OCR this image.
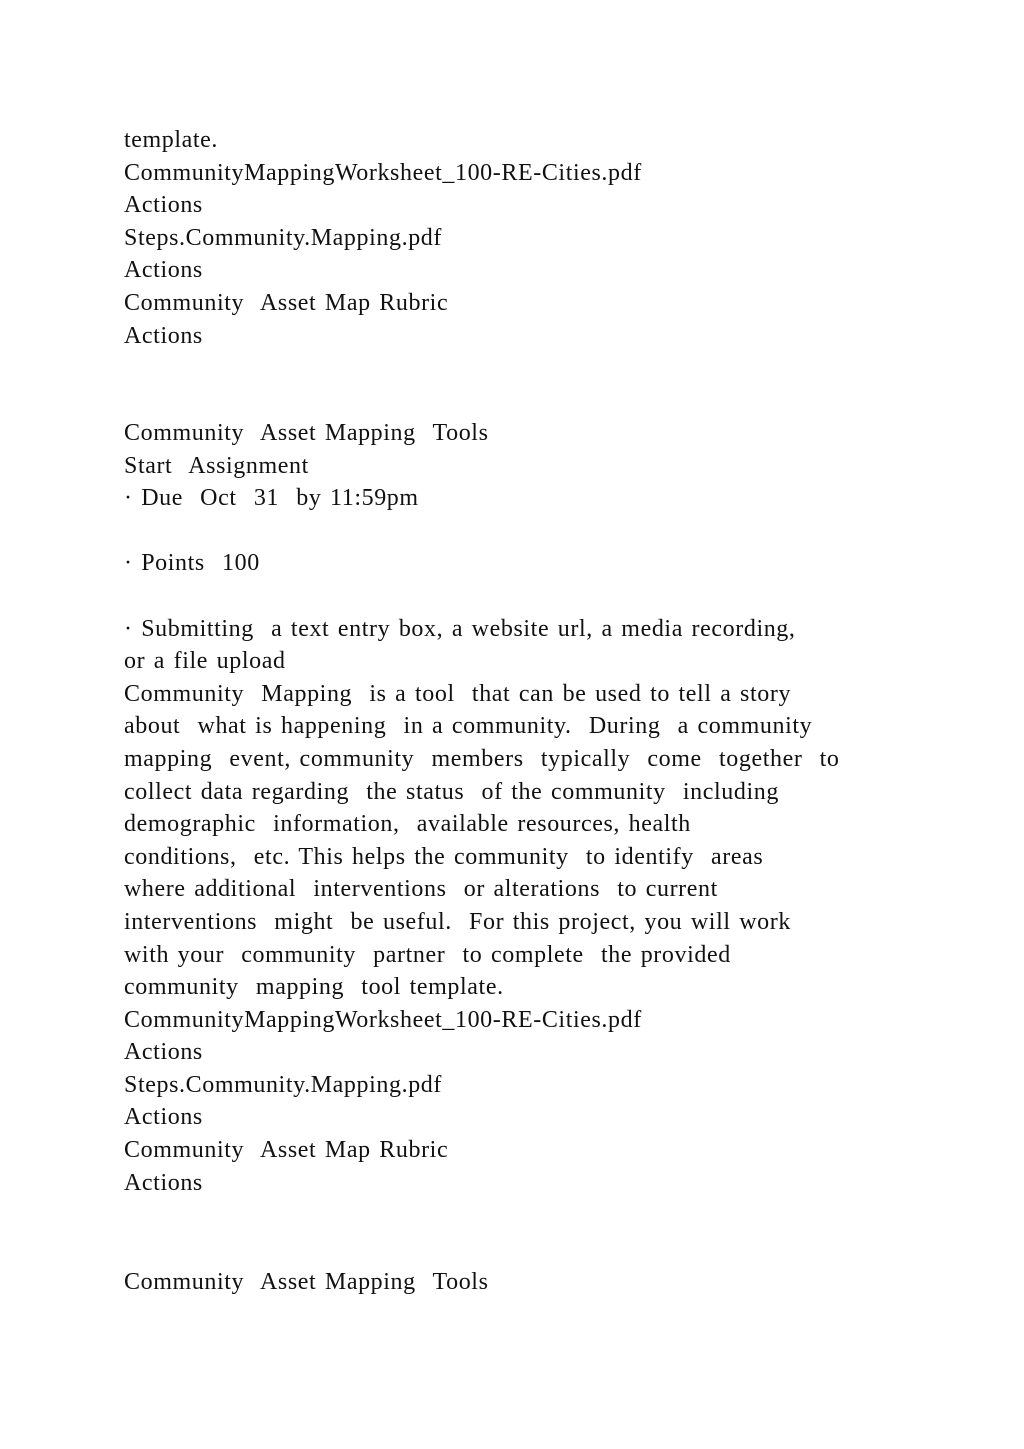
template.
CommunityMappingWorksheet_100-RE-Cities.pdf
Actions
Steps.Community.Mapping.pdf
Actions
Community  Asset Map Rubric
Actions
Community  Asset Mapping  Tools
Start  Assignment
· Due  Oct  31  by 11:59pm
· Points  100
· Submitting  a text entry box, a website url, a media recording,
or a file upload
Community  Mapping  is a tool  that can be used to tell a story
about  what is happening  in a community.  During  a community
mapping  event, community  members  typically  come  together  to
collect data regarding  the status  of the community  including
demographic  information,  available resources, health
conditions,  etc. This helps the community  to identify  areas
where additional  interventions  or alterations  to current
interventions  might  be useful.  For this project, you will work
with your  community  partner  to complete  the provided
community  mapping  tool template.
CommunityMappingWorksheet_100-RE-Cities.pdf
Actions
Steps.Community.Mapping.pdf
Actions
Community  Asset Map Rubric
Actions
Community  Asset Mapping  Tools
